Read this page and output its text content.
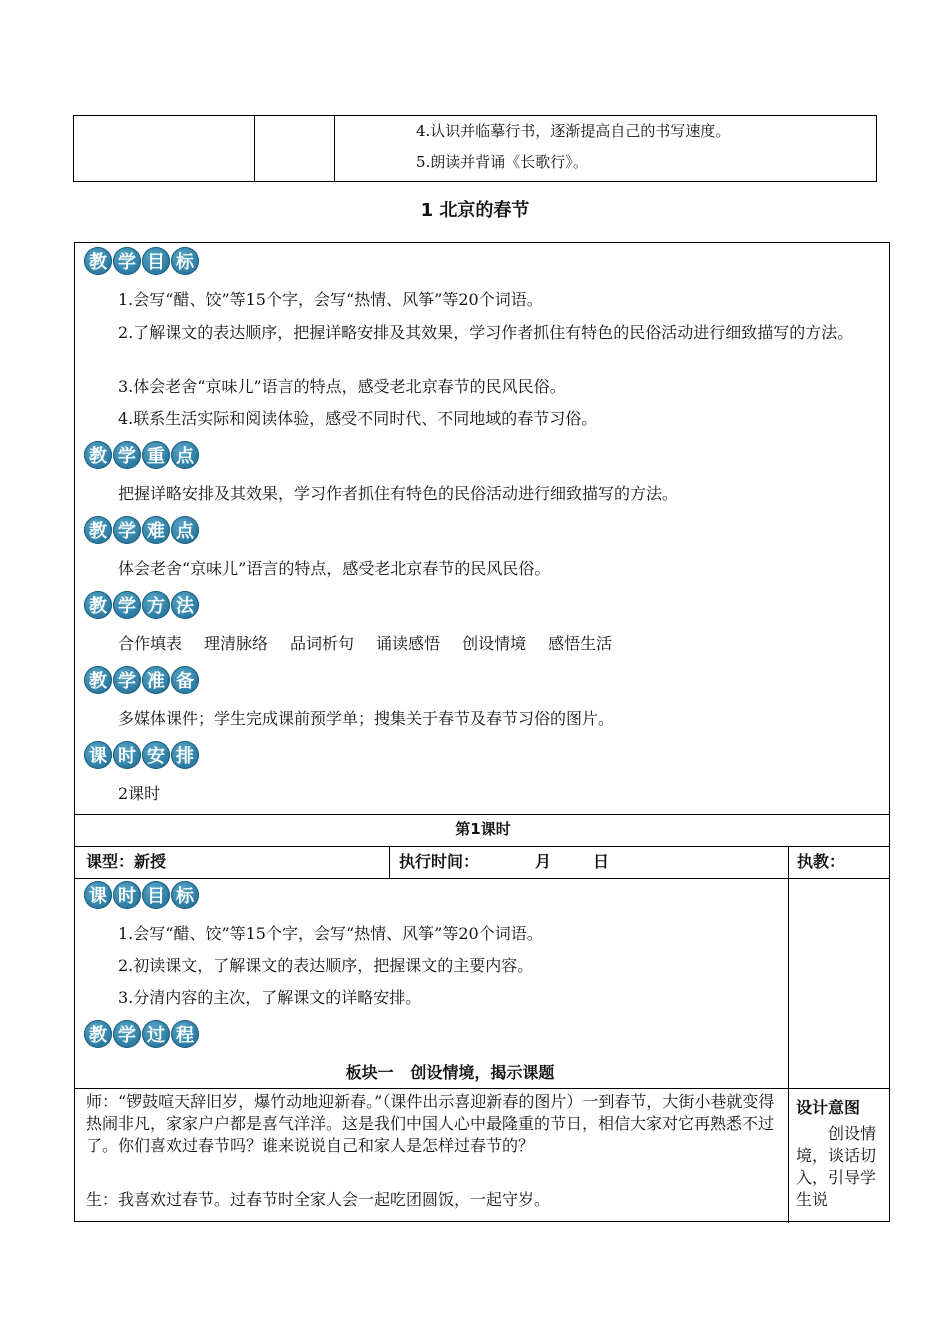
4.认识并临摹行书，逐渐提高自己的书写速度。
5.朗读并背诵《长歌行》。
1 北京的春节
教 学 目 标
1.会写“醋、饺”等15个字，会写“热情、风筝”等20个词语。
2.了解课文的表达顺序，把握详略安排及其效果，学习作者抓住有特色的民俗活动进行细致描写的方法。
3.体会老舍“京味儿”语言的特点，感受老北京春节的民风民俗。
4.联系生活实际和阅读体验，感受不同时代、不同地域的春节习俗。
教 学 重 点
把握详略安排及其效果，学习作者抓住有特色的民俗活动进行细致描写的方法。
教 学 难 点
体会老舍“京味儿”语言的特点，感受老北京春节的民风民俗。
教 学 方 法
合作填表 理清脉络 品词析句 诵读感悟 创设情境 感悟生活
教 学 准 备
多媒体课件；学生完成课前预学单；搜集关于春节及春节习俗的图片。
课 时 安 排
2课时
第1课时
课型：新授	执行时间：	月	日	执教：
课 时 目 标
1.会写“醋、饺”等15个字，会写“热情、风筝”等20个词语。
2.初读课文，了解课文的表达顺序，把握课文的主要内容。
3.分清内容的主次，了解课文的详略安排。
教 学 过 程
板块一   创设情境，揭示课题
师：“锣鼓喧天辞旧岁，爆竹动地迎新春。”（课件出示喜迎新春的图片）一到春节，大街小巷就变得热闹非凡，家家户户都是喜气洋洋。这是我们中国人心中最隆重的节日，相信大家对它再熟悉不过了。你们喜欢过春节吗？谁来说说自己和家人是怎样过春节的？
生：我喜欢过春节。过春节时全家人会一起吃团圆饭，一起守岁。
设计意图
创设情境，谈话切入，引导学生说
